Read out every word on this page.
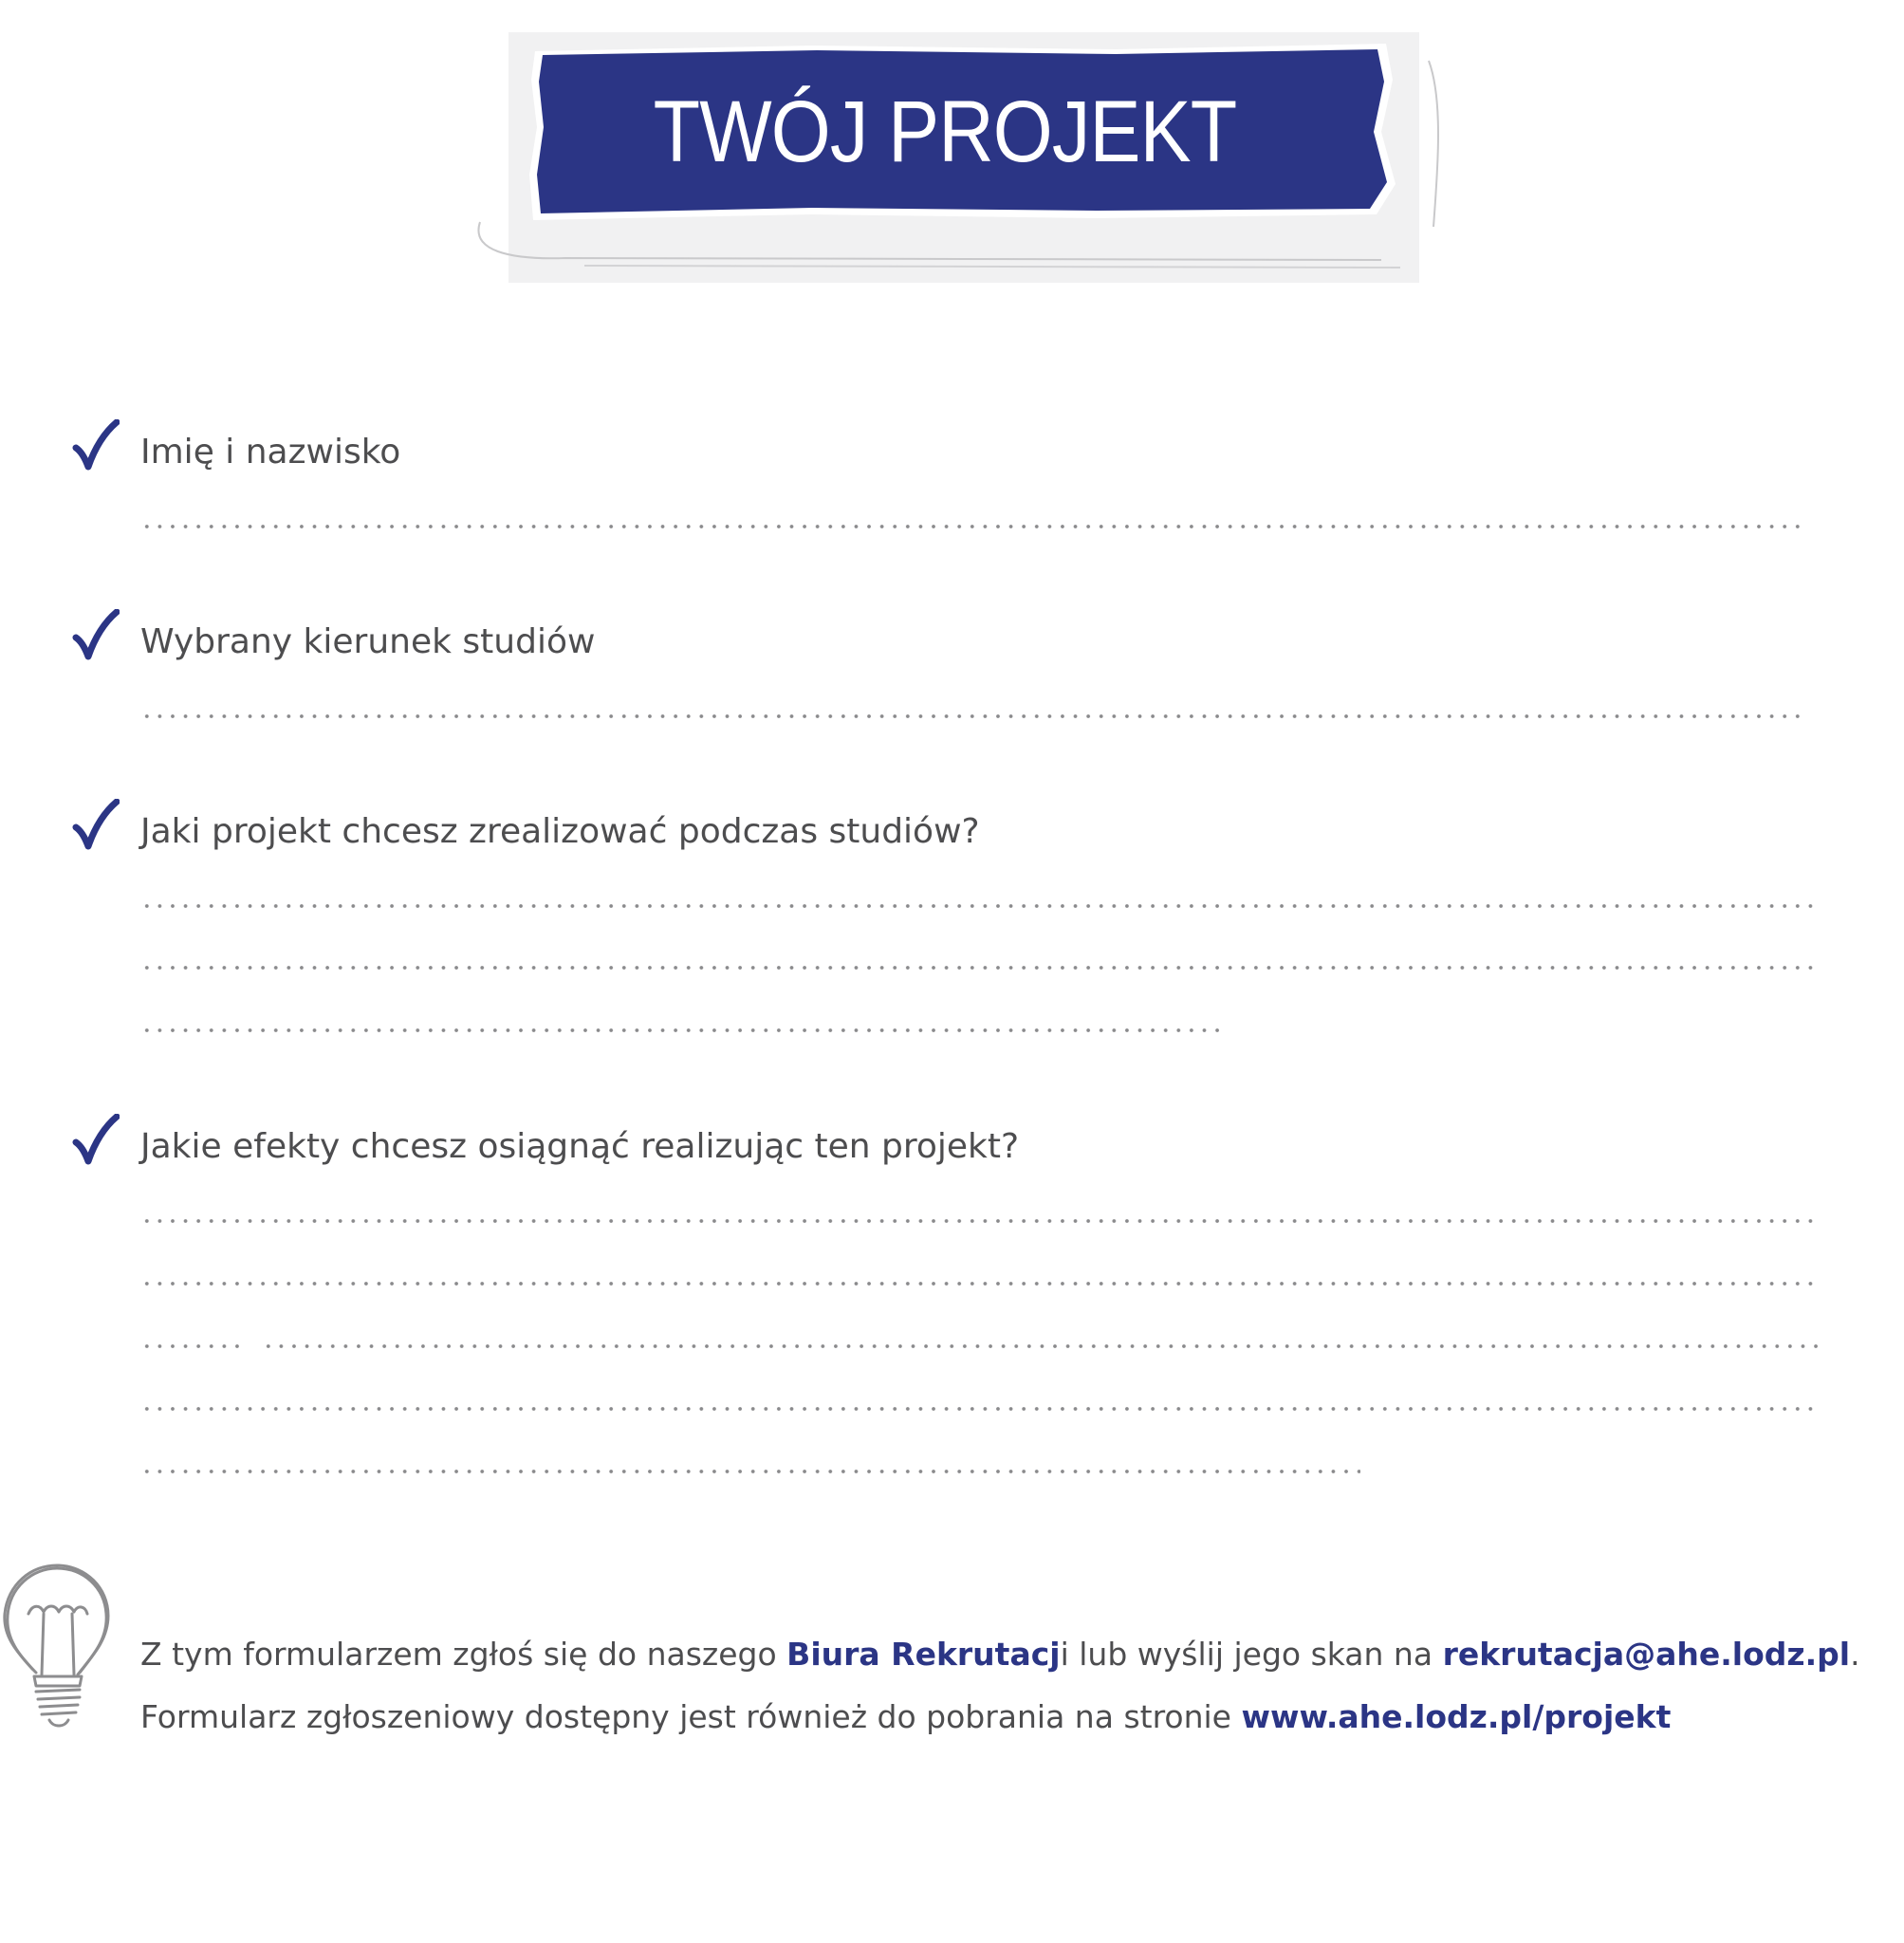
TWÓJ PROJEKT
Imię i nazwisko
Wybrany kierunek studiów
Jaki projekt chcesz zrealizować podczas studiów?
Jakie efekty chcesz osiągnąć realizując ten projekt?
Z tym formularzem zgłoś się do naszego Biura Rekrutacji lub wyślij jego skan na rekrutacja@ahe.lodz.pl.
Formularz zgłoszeniowy dostępny jest również do pobrania na stronie www.ahe.lodz.pl/projekt
